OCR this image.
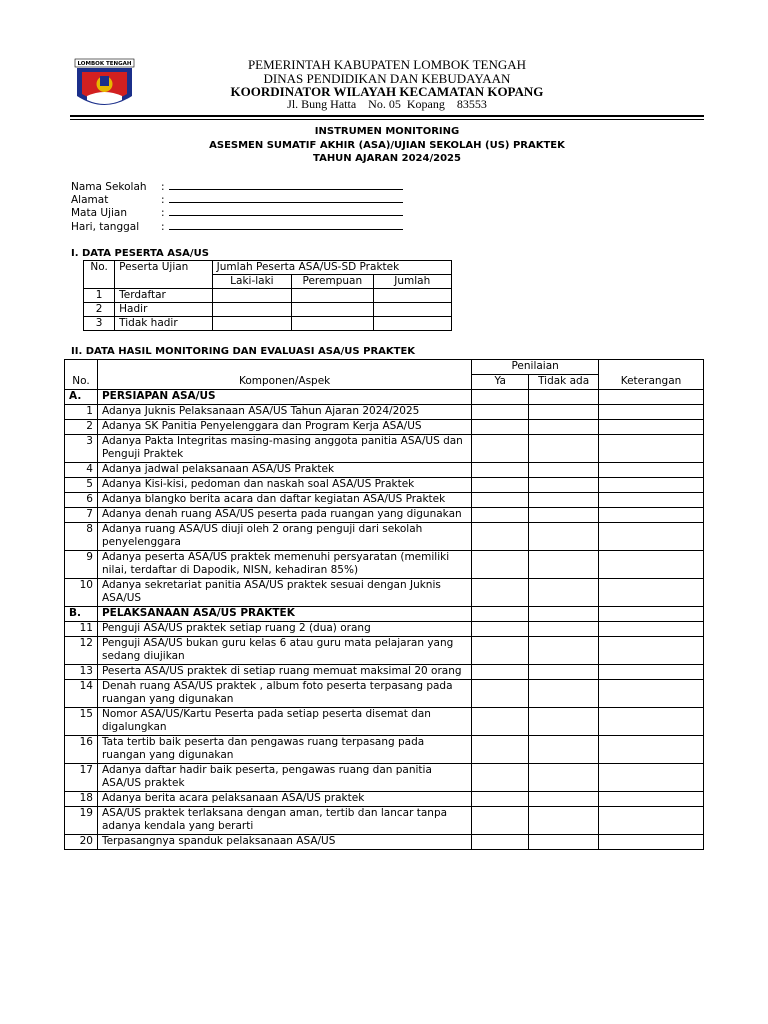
LOMBOK TENGAH	PEMERINTAH KABUPATEN LOMBOK TENGAH
DINAS PENDIDIKAN DAN KEBUDAYAAN
KOORDINATOR WILAYAH KECAMATAN KOPANG
Jl. Bung Hatta    No. 05  Kopang    83553
INSTRUMEN MONITORING
ASESMEN SUMATIF AKHIR (ASA)/UJIAN SEKOLAH (US) PRAKTEK
TAHUN AJARAN 2024/2025
Nama Sekolah :
Alamat	:
Mata Ujian	:
Hari, tanggal :
I. DATA PESERTA ASA/US
No.	Peserta Ujian	Jumlah Peserta ASA/US-SD Praktek		
		Laki-laki	Perempuan	Jumlah
1	Terdaftar			
2	Hadir			
3	Tidak hadir			
II. DATA HASIL MONITORING DAN EVALUASI ASA/US PRAKTEK
No.	Komponen/Aspek	Penilaian		Keterangan
		Ya	Tidak ada	
A.	PERSIAPAN ASA/US			
1	Adanya Juknis Pelaksanaan ASA/US Tahun Ajaran 2024/2025			
2	Adanya SK Panitia Penyelenggara dan Program Kerja ASA/US			
3	Adanya Pakta Integritas masing-masing anggota panitia ASA/US dan Penguji Praktek			
4	Adanya jadwal pelaksanaan ASA/US Praktek			
5	Adanya Kisi-kisi, pedoman dan naskah soal ASA/US Praktek			
6	Adanya blangko berita acara dan daftar kegiatan ASA/US Praktek			
7	Adanya denah ruang ASA/US peserta pada ruangan yang digunakan			
8	Adanya ruang ASA/US diuji oleh 2 orang penguji dari sekolah penyelenggara			
9	Adanya peserta ASA/US praktek memenuhi persyaratan (memiliki nilai, terdaftar di Dapodik, NISN, kehadiran 85%)			
10	Adanya sekretariat panitia ASA/US praktek sesuai dengan Juknis ASA/US			
B.	PELAKSANAAN ASA/US PRAKTEK			
11	Penguji ASA/US praktek setiap ruang 2 (dua) orang			
12	Penguji ASA/US bukan guru kelas 6 atau guru mata pelajaran yang sedang diujikan			
13	Peserta ASA/US praktek di setiap ruang memuat maksimal 20 orang			
14	Denah ruang ASA/US praktek , album foto peserta terpasang pada ruangan yang digunakan			
15	Nomor ASA/US/Kartu Peserta pada setiap peserta disemat dan digalungkan			
16	Tata tertib baik peserta dan pengawas ruang terpasang pada ruangan yang digunakan			
17	Adanya daftar hadir baik peserta, pengawas ruang dan panitia ASA/US praktek			
18	Adanya berita acara pelaksanaan ASA/US praktek			
19	ASA/US praktek terlaksana dengan aman, tertib dan lancar tanpa adanya kendala yang berarti			
20	Terpasangnya spanduk pelaksanaan ASA/US			
